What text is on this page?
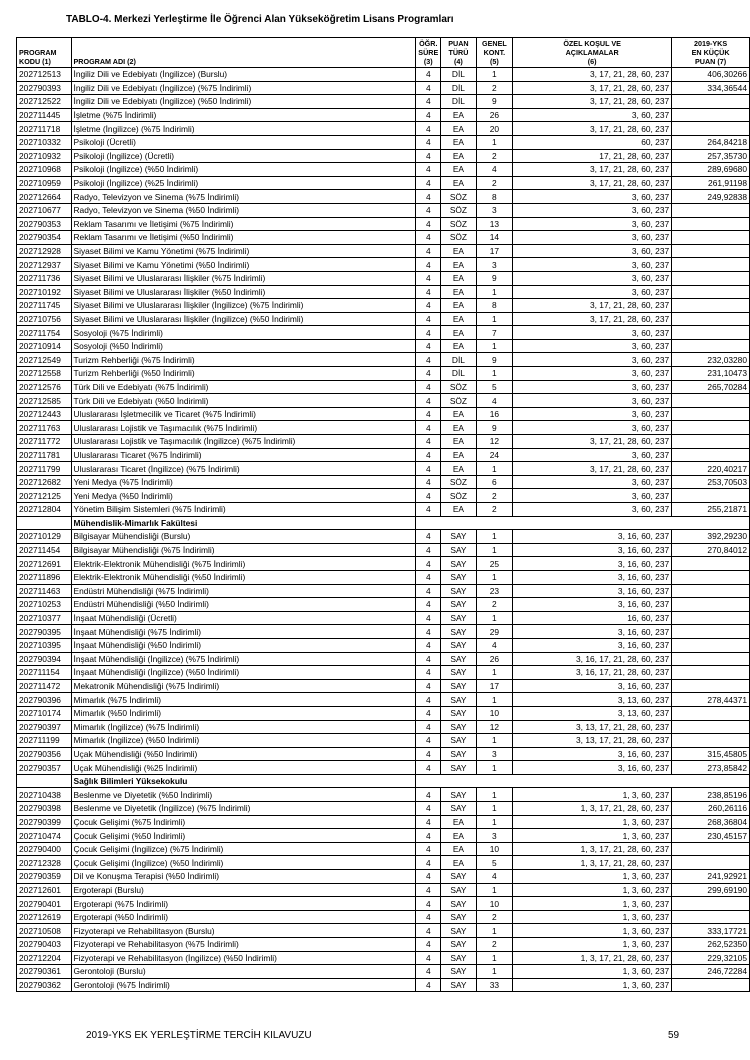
TABLO-4. Merkezi Yerleştirme İle Öğrenci Alan Yükseköğretim Lisans Programları
PROGRAM
KODU (1)	PROGRAM ADI (2)	ÖĞR.
SÜRE
(3)	PUAN
TÜRÜ
(4)	GENEL
KONT.
(5)	ÖZEL KOŞUL VE
AÇIKLAMALAR
(6)	2019-YKS
EN KÜÇÜK
PUAN (7)
202712513	İngiliz Dili ve Edebiyatı (İngilizce) (Burslu)	4	DİL	1	3, 17, 21, 28, 60, 237	406,30266
202790393	İngiliz Dili ve Edebiyatı (İngilizce) (%75 İndirimli)	4	DİL	2	3, 17, 21, 28, 60, 237	334,36544
202712522	İngiliz Dili ve Edebiyatı (İngilizce) (%50 İndirimli)	4	DİL	9	3, 17, 21, 28, 60, 237	
202711445	İşletme (%75 İndirimli)	4	EA	26	3, 60, 237	
202711718	İşletme (İngilizce) (%75 İndirimli)	4	EA	20	3, 17, 21, 28, 60, 237	
202710332	Psikoloji (Ücretli)	4	EA	1	60, 237	264,84218
202710932	Psikoloji (İngilizce) (Ücretli)	4	EA	2	17, 21, 28, 60, 237	257,35730
202710968	Psikoloji (İngilizce) (%50 İndirimli)	4	EA	4	3, 17, 21, 28, 60, 237	289,69680
202710959	Psikoloji (İngilizce) (%25 İndirimli)	4	EA	2	3, 17, 21, 28, 60, 237	261,91198
202712664	Radyo, Televizyon ve Sinema (%75 İndirimli)	4	SÖZ	8	3, 60, 237	249,92838
202710677	Radyo, Televizyon ve Sinema (%50 İndirimli)	4	SÖZ	3	3, 60, 237	
202790353	Reklam Tasarımı ve İletişimi (%75 İndirimli)	4	SÖZ	13	3, 60, 237	
202790354	Reklam Tasarımı ve İletişimi (%50 İndirimli)	4	SÖZ	14	3, 60, 237	
202712928	Siyaset Bilimi ve Kamu Yönetimi (%75 İndirimli)	4	EA	17	3, 60, 237	
202712937	Siyaset Bilimi ve Kamu Yönetimi (%50 İndirimli)	4	EA	3	3, 60, 237	
202711736	Siyaset Bilimi ve Uluslararası İlişkiler (%75 İndirimli)	4	EA	9	3, 60, 237	
202710192	Siyaset Bilimi ve Uluslararası İlişkiler (%50 İndirimli)	4	EA	1	3, 60, 237	
202711745	Siyaset Bilimi ve Uluslararası İlişkiler (İngilizce) (%75 İndirimli)	4	EA	8	3, 17, 21, 28, 60, 237	
202710756	Siyaset Bilimi ve Uluslararası İlişkiler (İngilizce) (%50 İndirimli)	4	EA	1	3, 17, 21, 28, 60, 237	
202711754	Sosyoloji (%75 İndirimli)	4	EA	7	3, 60, 237	
202710914	Sosyoloji (%50 İndirimli)	4	EA	1	3, 60, 237	
202712549	Turizm Rehberliği (%75 İndirimli)	4	DİL	9	3, 60, 237	232,03280
202712558	Turizm Rehberliği (%50 İndirimli)	4	DİL	1	3, 60, 237	231,10473
202712576	Türk Dili ve Edebiyatı (%75 İndirimli)	4	SÖZ	5	3, 60, 237	265,70284
202712585	Türk Dili ve Edebiyatı (%50 İndirimli)	4	SÖZ	4	3, 60, 237	
202712443	Uluslararası İşletmecilik ve Ticaret (%75 İndirimli)	4	EA	16	3, 60, 237	
202711763	Uluslararası Lojistik ve Taşımacılık (%75 İndirimli)	4	EA	9	3, 60, 237	
202711772	Uluslararası Lojistik ve Taşımacılık (İngilizce) (%75 İndirimli)	4	EA	12	3, 17, 21, 28, 60, 237	
202711781	Uluslararası Ticaret (%75 İndirimli)	4	EA	24	3, 60, 237	
202711799	Uluslararası Ticaret (İngilizce) (%75 İndirimli)	4	EA	1	3, 17, 21, 28, 60, 237	220,40217
202712682	Yeni Medya (%75 İndirimli)	4	SÖZ	6	3, 60, 237	253,70503
202712125	Yeni Medya (%50 İndirimli)	4	SÖZ	2	3, 60, 237	
202712804	Yönetim Bilişim Sistemleri (%75 İndirimli)	4	EA	2	3, 60, 237	255,21871
	Mühendislik-Mimarlık Fakültesi					
202710129	Bilgisayar Mühendisliği (Burslu)	4	SAY	1	3, 16, 60, 237	392,29230
202711454	Bilgisayar Mühendisliği (%75 İndirimli)	4	SAY	1	3, 16, 60, 237	270,84012
202712691	Elektrik-Elektronik Mühendisliği (%75 İndirimli)	4	SAY	25	3, 16, 60, 237	
202711896	Elektrik-Elektronik Mühendisliği (%50 İndirimli)	4	SAY	1	3, 16, 60, 237	
202711463	Endüstri Mühendisliği (%75 İndirimli)	4	SAY	23	3, 16, 60, 237	
202710253	Endüstri Mühendisliği (%50 İndirimli)	4	SAY	2	3, 16, 60, 237	
202710377	İnşaat Mühendisliği (Ücretli)	4	SAY	1	16, 60, 237	
202790395	İnşaat Mühendisliği (%75 İndirimli)	4	SAY	29	3, 16, 60, 237	
202710395	İnşaat Mühendisliği (%50 İndirimli)	4	SAY	4	3, 16, 60, 237	
202790394	İnşaat Mühendisliği (İngilizce) (%75 İndirimli)	4	SAY	26	3, 16, 17, 21, 28, 60, 237	
202711154	İnşaat Mühendisliği (İngilizce) (%50 İndirimli)	4	SAY	1	3, 16, 17, 21, 28, 60, 237	
202711472	Mekatronik Mühendisliği (%75 İndirimli)	4	SAY	17	3, 16, 60, 237	
202790396	Mimarlık (%75 İndirimli)	4	SAY	1	3, 13, 60, 237	278,44371
202710174	Mimarlık (%50 İndirimli)	4	SAY	10	3, 13, 60, 237	
202790397	Mimarlık (İngilizce) (%75 İndirimli)	4	SAY	12	3, 13, 17, 21, 28, 60, 237	
202711199	Mimarlık (İngilizce) (%50 İndirimli)	4	SAY	1	3, 13, 17, 21, 28, 60, 237	
202790356	Uçak Mühendisliği (%50 İndirimli)	4	SAY	3	3, 16, 60, 237	315,45805
202790357	Uçak Mühendisliği (%25 İndirimli)	4	SAY	1	3, 16, 60, 237	273,85842
	Sağlık Bilimleri Yüksekokulu					
202710438	Beslenme ve Diyetetik (%50 İndirimli)	4	SAY	1	1, 3, 60, 237	238,85196
202790398	Beslenme ve Diyetetik (İngilizce) (%75 İndirimli)	4	SAY	1	1, 3, 17, 21, 28, 60, 237	260,26116
202790399	Çocuk Gelişimi (%75 İndirimli)	4	EA	1	1, 3, 60, 237	268,36804
202710474	Çocuk Gelişimi (%50 İndirimli)	4	EA	3	1, 3, 60, 237	230,45157
202790400	Çocuk Gelişimi (İngilizce) (%75 İndirimli)	4	EA	10	1, 3, 17, 21, 28, 60, 237	
202712328	Çocuk Gelişimi (İngilizce) (%50 İndirimli)	4	EA	5	1, 3, 17, 21, 28, 60, 237	
202790359	Dil ve Konuşma Terapisi (%50 İndirimli)	4	SAY	4	1, 3, 60, 237	241,92921
202712601	Ergoterapi (Burslu)	4	SAY	1	1, 3, 60, 237	299,69190
202790401	Ergoterapi (%75 İndirimli)	4	SAY	10	1, 3, 60, 237	
202712619	Ergoterapi (%50 İndirimli)	4	SAY	2	1, 3, 60, 237	
202710508	Fizyoterapi ve Rehabilitasyon (Burslu)	4	SAY	1	1, 3, 60, 237	333,17721
202790403	Fizyoterapi ve Rehabilitasyon (%75 İndirimli)	4	SAY	2	1, 3, 60, 237	262,52350
202712204	Fizyoterapi ve Rehabilitasyon (İngilizce) (%50 İndirimli)	4	SAY	1	1, 3, 17, 21, 28, 60, 237	229,32105
202790361	Gerontoloji (Burslu)	4	SAY	1	1, 3, 60, 237	246,72284
202790362	Gerontoloji (%75 İndirimli)	4	SAY	33	1, 3, 60, 237	
2019-YKS EK YERLEŞTİRME TERCİH KILAVUZU	59
